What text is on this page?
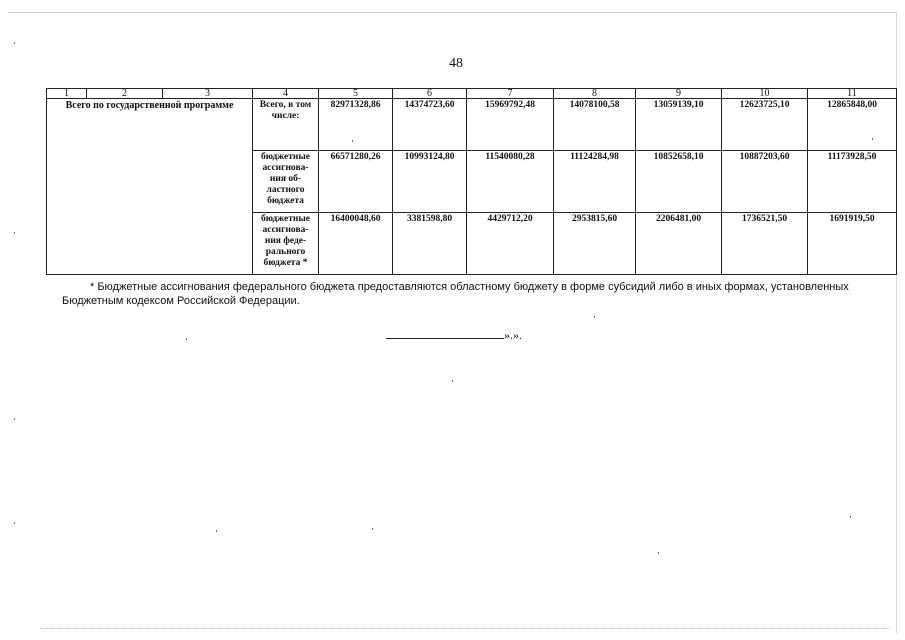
48
1	2	3	4	5	6	7	8	9	10	11
Всего по государственной программе			Всего, в том числе:	82971328,86	14374723,60	15969792,48	14078100,58	13059139,10	12623725,10	12865848,00
			бюджетные ассигнова-ния об-ластного бюджета	66571280,26	10993124,80	11540080,28	11124284,98	10852658,10	10887203,60	11173928,50
			бюджетные ассигнова-ния феде-рального бюджета *	16400048,60	3381598,80	4429712,20	2953815,60	2206481,00	1736521,50	1691919,50
* Бюджетные ассигнования федерального бюджета предоставляются областному бюджету в форме субсидий либо в иных формах, установленных Бюджетным кодексом Российской Федерации.
».».
